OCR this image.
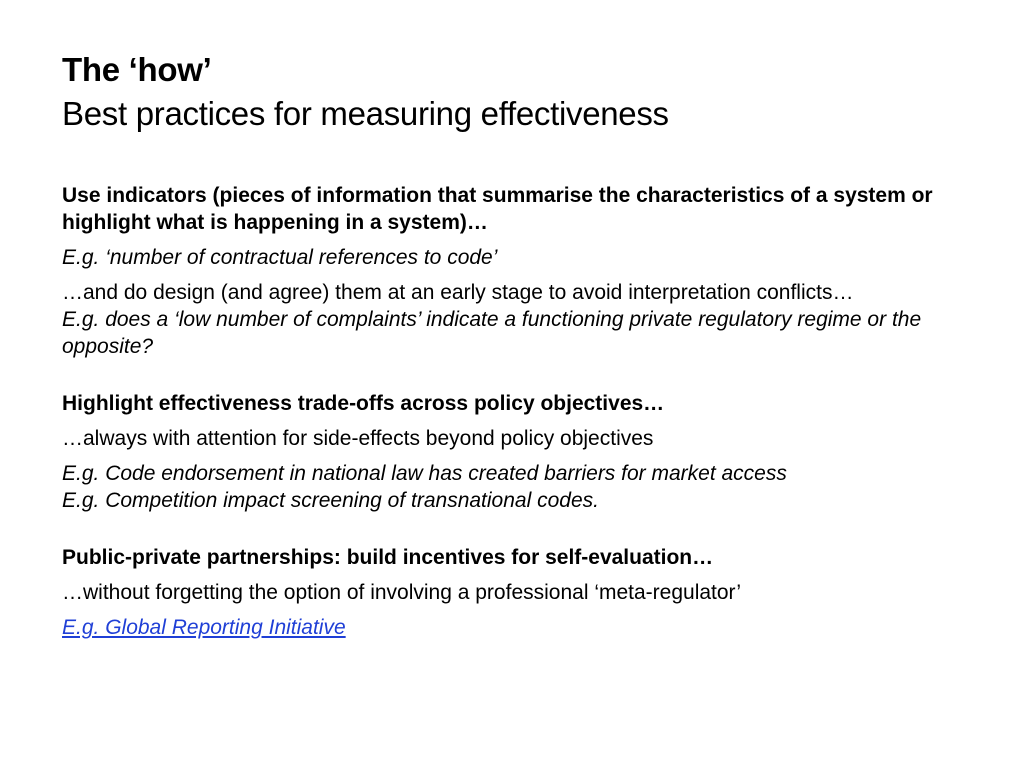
The ‘how’
Best practices for measuring effectiveness

Use indicators (pieces of information that summarise the characteristics of a system or highlight what is happening in a system)…

E.g. ‘number of contractual references to code’

…and do design (and agree) them at an early stage to avoid interpretation conflicts…

E.g. does a ‘low number of complaints’ indicate a functioning private regulatory regime or the opposite?

Highlight effectiveness trade-offs across policy objectives…

…always with attention for side-effects beyond policy objectives

E.g. Code endorsement in national law has created barriers for market access

E.g. Competition impact screening of transnational codes.

Public-private partnerships: build incentives for self-evaluation…

…without forgetting the option of involving a professional ‘meta-regulator’

E.g. Global Reporting Initiative
